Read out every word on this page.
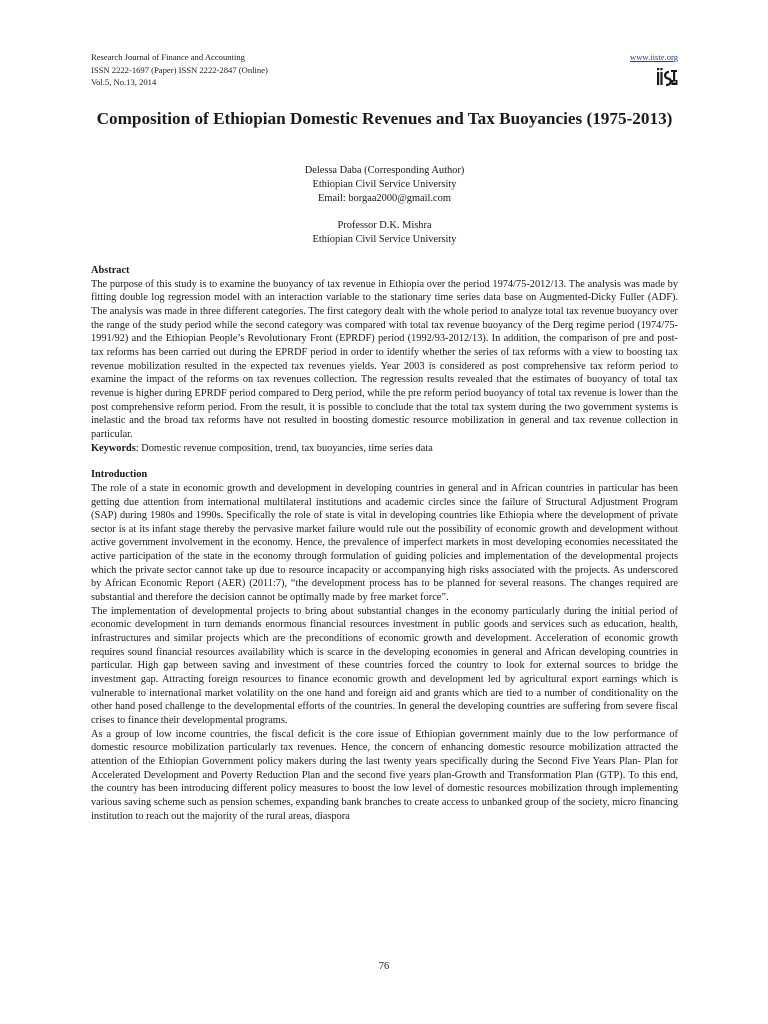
Research Journal of Finance and Accounting
ISSN 2222-1697 (Paper) ISSN 2222-2847 (Online)
Vol.5, No.13, 2014
www.iiste.org
Composition of Ethiopian Domestic Revenues and Tax Buoyancies (1975-2013)
Delessa Daba (Corresponding Author)
Ethiopian Civil Service University
Email: borgaa2000@gmail.com
Professor D.K. Mishra
Ethiopian Civil Service University
Abstract

The purpose of this study is to examine the buoyancy of tax revenue in Ethiopia over the period 1974/75-2012/13. The analysis was made by fitting double log regression model with an interaction variable to the stationary time series data base on Augmented-Dicky Fuller (ADF). The analysis was made in three different categories. The first category dealt with the whole period to analyze total tax revenue buoyancy over the range of the study period while the second category was compared with total tax revenue buoyancy of the Derg regime period (1974/75-1991/92) and the Ethiopian People’s Revolutionary Front (EPRDF) period (1992/93-2012/13). In addition, the comparison of pre and post-tax reforms has been carried out during the EPRDF period in order to identify whether the series of tax reforms with a view to boosting tax revenue mobilization resulted in the expected tax revenues yields. Year 2003 is considered as post comprehensive tax reform period to examine the impact of the reforms on tax revenues collection. The regression results revealed that the estimates of buoyancy of total tax revenue is higher during EPRDF period compared to Derg period, while the pre reform period buoyancy of total tax revenue is lower than the post comprehensive reform period. From the result, it is possible to conclude that the total tax system during the two government systems is inelastic and the broad tax reforms have not resulted in boosting domestic resource mobilization in general and tax revenue collection in particular.

Keywords: Domestic revenue composition, trend, tax buoyancies, time series data

Introduction

The role of a state in economic growth and development in developing countries in general and in African countries in particular has been getting due attention from international multilateral institutions and academic circles since the failure of Structural Adjustment Program (SAP) during 1980s and 1990s. Specifically the role of state is vital in developing countries like Ethiopia where the development of private sector is at its infant stage thereby the pervasive market failure would rule out the possibility of economic growth and development without active government involvement in the economy. Hence, the prevalence of imperfect markets in most developing economies necessitated the active participation of the state in the economy through formulation of guiding policies and implementation of the developmental projects which the private sector cannot take up due to resource incapacity or accompanying high risks associated with the projects. As underscored by African Economic Report (AER) (2011:7), “the development process has to be planned for several reasons. The changes required are substantial and therefore the decision cannot be optimally made by free market force”.

The implementation of developmental projects to bring about substantial changes in the economy particularly during the initial period of economic development in turn demands enormous financial resources investment in public goods and services such as education, health, infrastructures and similar projects which are the preconditions of economic growth and development. Acceleration of economic growth requires sound financial resources availability which is scarce in the developing economies in general and African developing countries in particular. High gap between saving and investment of these countries forced the country to look for external sources to bridge the investment gap. Attracting foreign resources to finance economic growth and development led by agricultural export earnings which is vulnerable to international market volatility on the one hand and foreign aid and grants which are tied to a number of conditionality on the other hand posed challenge to the developmental efforts of the countries. In general the developing countries are suffering from severe fiscal crises to finance their developmental programs.

As a group of low income countries, the fiscal deficit is the core issue of Ethiopian government mainly due to the low performance of domestic resource mobilization particularly tax revenues. Hence, the concern of enhancing domestic resource mobilization attracted the attention of the Ethiopian Government policy makers during the last twenty years specifically during the Second Five Years Plan- Plan for Accelerated Development and Poverty Reduction Plan and the second five years plan-Growth and Transformation Plan (GTP). To this end, the country has been introducing different policy measures to boost the low level of domestic resources mobilization through implementing various saving scheme such as pension schemes, expanding bank branches to create access to unbanked group of the society, micro financing institution to reach out the majority of the rural areas, diaspora

76
